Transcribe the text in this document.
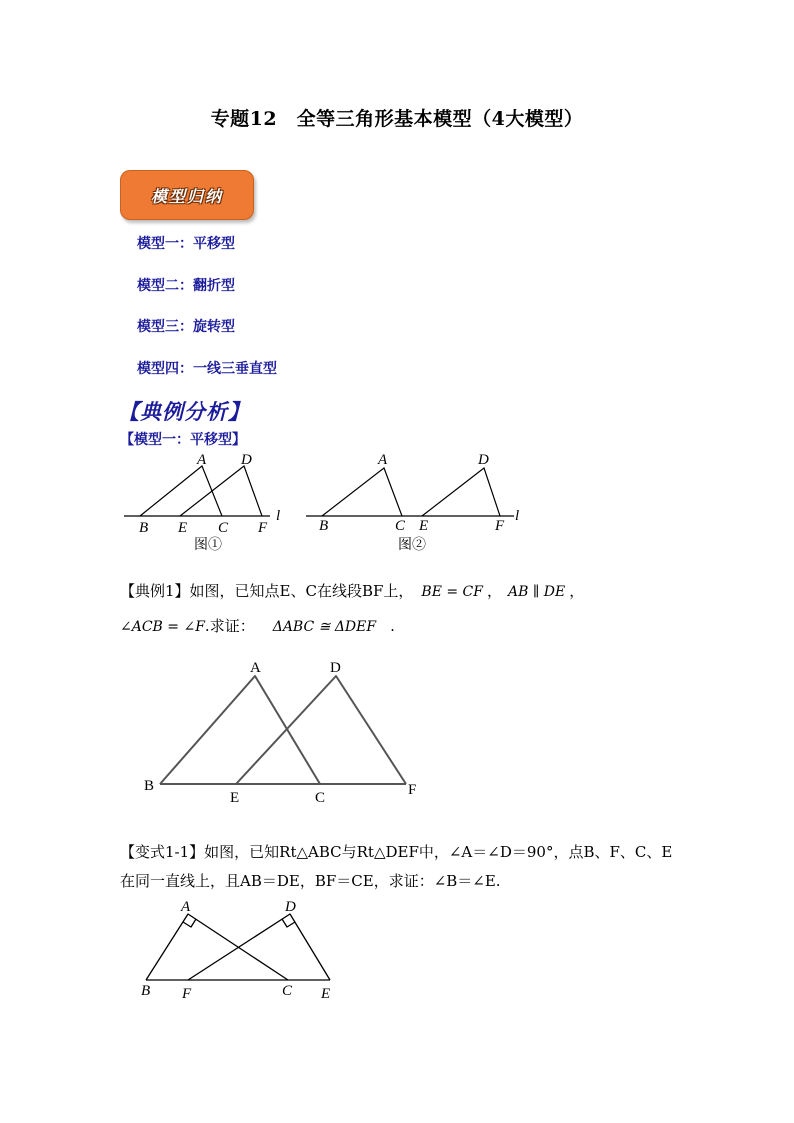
专题12　全等三角形基本模型（4大模型）
模型归纳
模型一：平移型
模型二：翻折型
模型三：旋转型
模型四：一线三垂直型
【典例分析】
【模型一：平移型】
A D
B E C F
l
图①
A	D
B	C E	F
l
图②
【典例1】如图，已知点E、C在线段BF上， BE = CF ， AB ∥ DE ，
∠ACB = ∠F.求证： ΔABC ≅ ΔDEF .
A	D
B
E	C	F
【变式1-1】如图，已知Rt△ABC与Rt△DEF中，∠A＝∠D＝90°，点B、F、C、E
在同一直线上，且AB＝DE，BF＝CE，求证：∠B＝∠E.
A	D
B F	C E
